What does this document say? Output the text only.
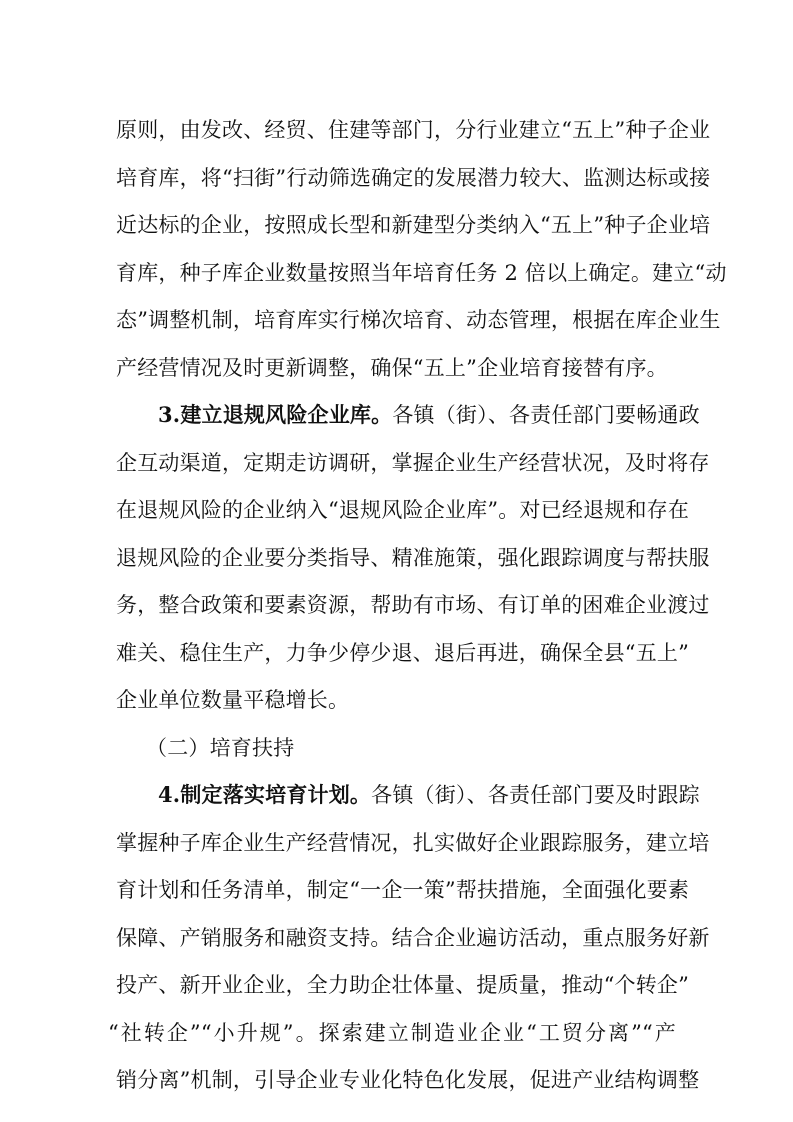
原则，由发改、经贸、住建等部门，分行业建立“五上”种子企业
培育库，将“扫街”行动筛选确定的发展潜力较大、监测达标或接
近达标的企业，按照成长型和新建型分类纳入“五上”种子企业培
育库，种子库企业数量按照当年培育任务 2 倍以上确定。建立“动
态”调整机制，培育库实行梯次培育、动态管理，根据在库企业生
产经营情况及时更新调整，确保“五上”企业培育接替有序。
3.建立退规风险企业库。各镇（街）、各责任部门要畅通政
企互动渠道，定期走访调研，掌握企业生产经营状况，及时将存
在退规风险的企业纳入“退规风险企业库”。对已经退规和存在
退规风险的企业要分类指导、精准施策，强化跟踪调度与帮扶服
务，整合政策和要素资源，帮助有市场、有订单的困难企业渡过
难关、稳住生产，力争少停少退、退后再进，确保全县“五上”
企业单位数量平稳增长。
（二）培育扶持
4.制定落实培育计划。各镇（街）、各责任部门要及时跟踪
掌握种子库企业生产经营情况，扎实做好企业跟踪服务，建立培
育计划和任务清单，制定“一企一策”帮扶措施，全面强化要素
保障、产销服务和融资支持。结合企业遍访活动，重点服务好新
投产、新开业企业，全力助企壮体量、提质量，推动“个转企”
“社转企”“小升规”。探索建立制造业企业“工贸分离”“产
销分离”机制，引导企业专业化特色化发展，促进产业结构调整
